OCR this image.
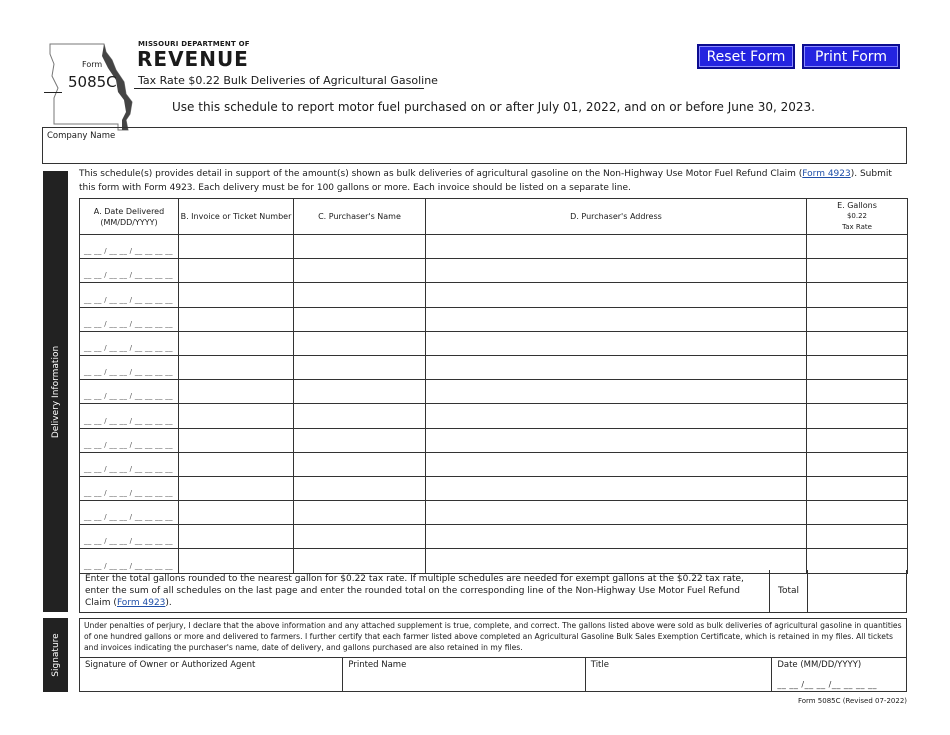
Form
5085C
MISSOURI DEPARTMENT OF
REVENUE
Tax Rate $0.22 Bulk Deliveries of Agricultural Gasoline
Use this schedule to report motor fuel purchased on or after July 01, 2022, and on or before June 30, 2023.
Reset Form	Print Form
Company Name
Delivery Information
This schedule(s) provides detail in support of the amount(s) shown as bulk deliveries of agricultural gasoline on the Non-Highway Use Motor Fuel Refund Claim (Form 4923). Submit this form with Form 4923. Each delivery must be for 100 gallons or more. Each invoice should be listed on a separate line.
A. Date Delivered (MM/DD/YYYY)	B. Invoice or Ticket Number	C. Purchaser's Name	D. Purchaser's Address	E. Gallons
$0.22
Tax Rate

__ __ / __ __ / __ __ __ __				
__ __ / __ __ / __ __ __ __				
__ __ / __ __ / __ __ __ __				
__ __ / __ __ / __ __ __ __				
__ __ / __ __ / __ __ __ __				
__ __ / __ __ / __ __ __ __				
__ __ / __ __ / __ __ __ __				
__ __ / __ __ / __ __ __ __				
__ __ / __ __ / __ __ __ __				
__ __ / __ __ / __ __ __ __				
__ __ / __ __ / __ __ __ __				
__ __ / __ __ / __ __ __ __				
__ __ / __ __ / __ __ __ __				
__ __ / __ __ / __ __ __ __				
Enter the total gallons rounded to the nearest gallon for $0.22 tax rate. If multiple schedules are needed for exempt gallons at the $0.22 tax rate, enter the sum of all schedules on the last page and enter the rounded total on the corresponding line of the Non-Highway Use Motor Fuel Refund Claim (Form 4923).
Total
Signature
Under penalties of perjury, I declare that the above information and any attached supplement is true, complete, and correct. The gallons listed above were sold as bulk deliveries of agricultural gasoline in quantities of one hundred gallons or more and delivered to farmers. I further certify that each farmer listed above completed an Agricultural Gasoline Bulk Sales Exemption Certificate, which is retained in my files. All tickets and invoices indicating the purchaser's name, date of delivery, and gallons purchased are also retained in my files.
Signature of Owner or Authorized Agent	Printed Name	Title	Date (MM/DD/YYYY)
__ __ /__ __ /__ __ __ __
Form 5085C (Revised 07-2022)
